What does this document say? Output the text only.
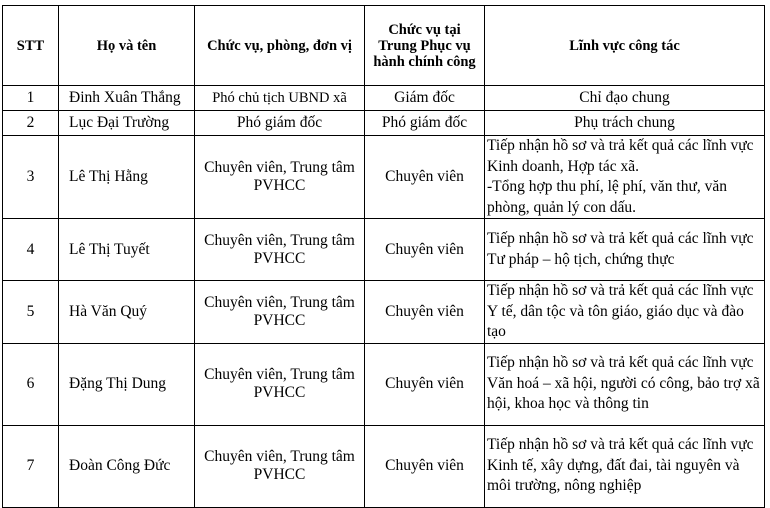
STT	Họ và tên	Chức vụ, phòng, đơn vị	Chức vụ tại Trung Phục vụ hành chính công	Lĩnh vực công tác
1	Đinh Xuân Thắng	Phó chủ tịch UBND xã	Giám đốc	Chỉ đạo chung
2	Lục Đại Trường	Phó giám đốc	Phó giám đốc	Phụ trách chung
3	Lê Thị Hằng	Chuyên viên, Trung tâm PVHCC	Chuyên viên	Tiếp nhận hồ sơ và trả kết quả các lĩnh vực Kinh doanh, Hợp tác xã.
-Tổng hợp thu phí, lệ phí, văn thư, văn phòng, quản lý con dấu.
4	Lê Thị Tuyết	Chuyên viên, Trung tâm PVHCC	Chuyên viên	Tiếp nhận hồ sơ và trả kết quả các lĩnh vực Tư pháp – hộ tịch, chứng thực
5	Hà Văn Quý	Chuyên viên, Trung tâm PVHCC	Chuyên viên	Tiếp nhận hồ sơ và trả kết quả các lĩnh vực Y tế, dân tộc và tôn giáo, giáo dục và đào tạo
6	Đặng Thị Dung	Chuyên viên, Trung tâm PVHCC	Chuyên viên	Tiếp nhận hồ sơ và trả kết quả các lĩnh vực Văn hoá – xã hội, người có công, bảo trợ xã hội, khoa học và thông tin
7	Đoàn Công Đức	Chuyên viên, Trung tâm PVHCC	Chuyên viên	Tiếp nhận hồ sơ và trả kết quả các lĩnh vực Kinh tế, xây dựng, đất đai, tài nguyên và môi trường, nông nghiệp
